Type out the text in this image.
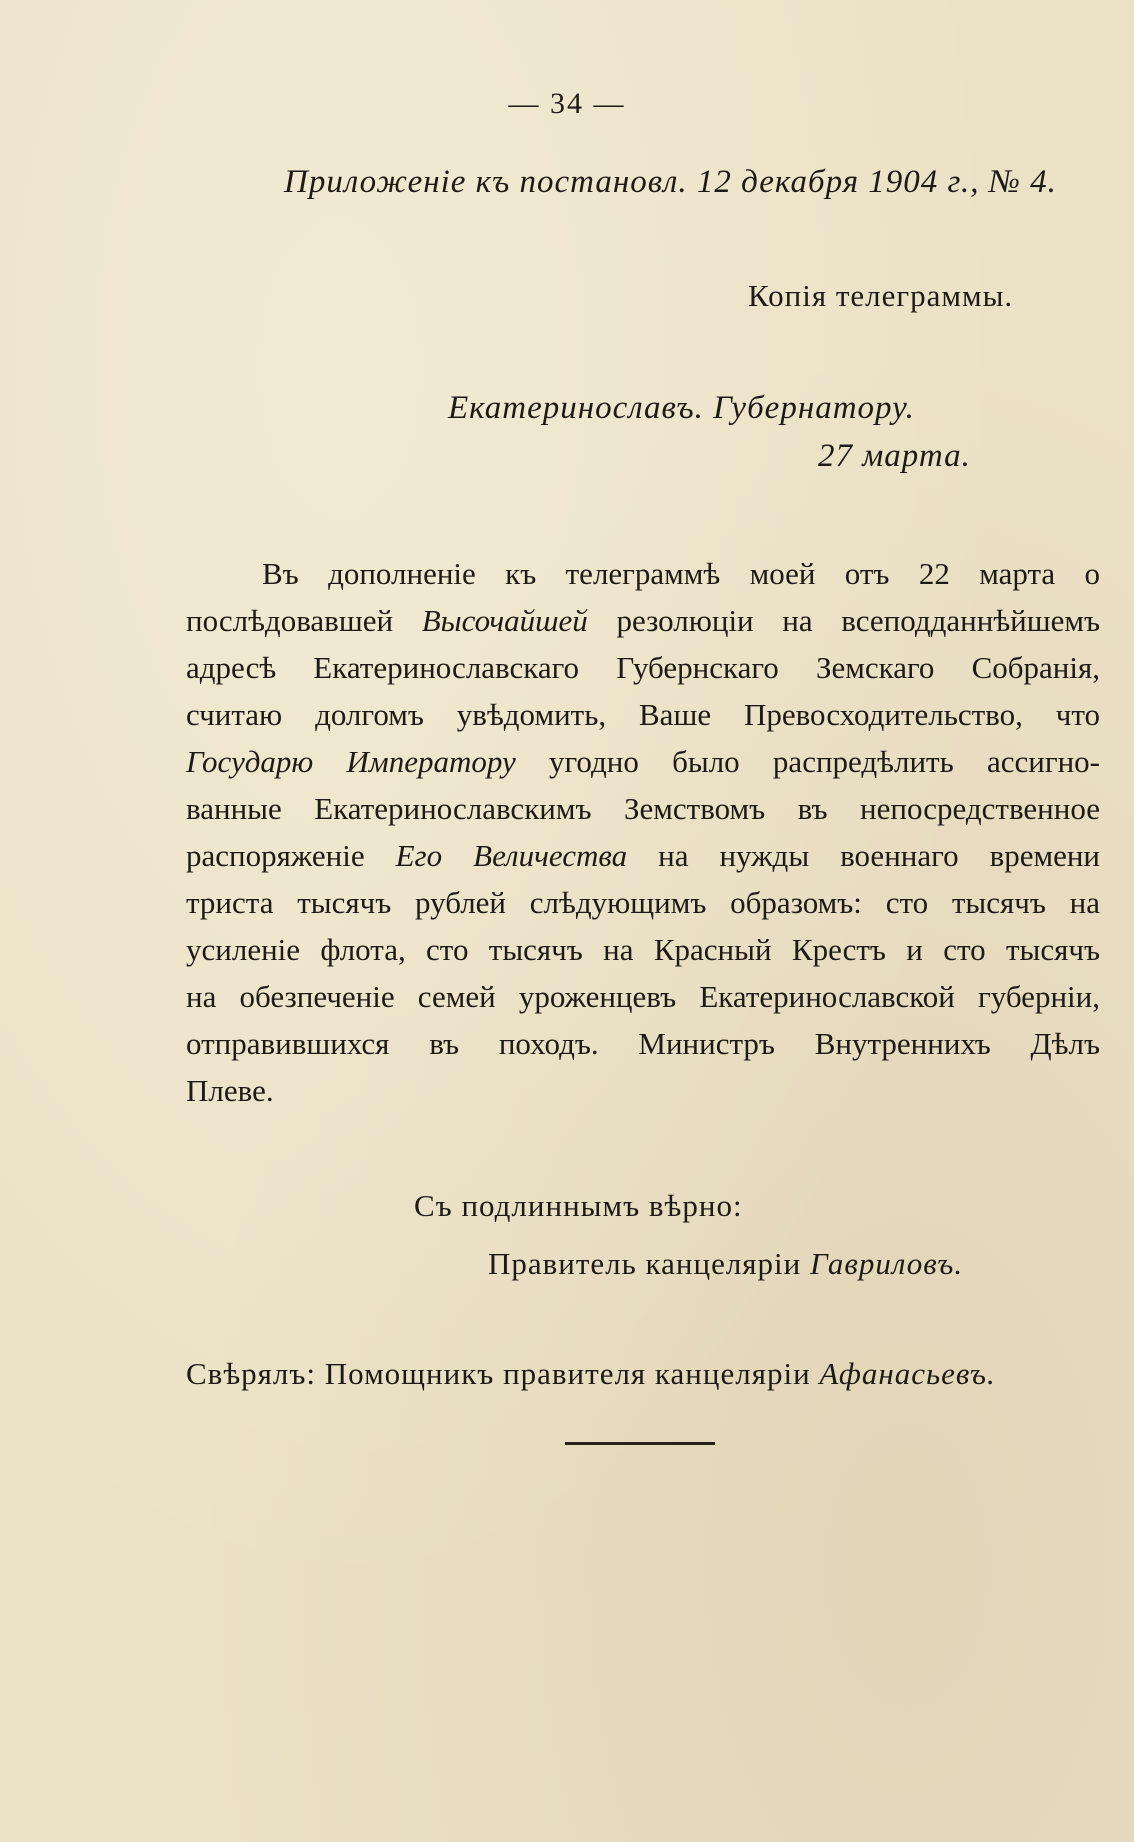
— 34 —
Приложеніе къ постановл. 12 декабря 1904 г., № 4.
Копія телеграммы.
Екатеринославъ. Губернатору.
27 марта.
Въ дополненіе къ телеграммѣ моей отъ 22 марта о
послѣдовавшей Высочайшей резолюціи на всеподданнѣйшемъ
адресѣ Екатеринославскаго Губернскаго Земскаго Собранія,
считаю долгомъ увѣдомить, Ваше Превосходительство, что
Государю Императору угодно было распредѣлить ассигно-
ванные Екатеринославскимъ Земствомъ въ непосредственное
распоряженіе Его Величества на нужды военнаго времени
триста тысячъ рублей слѣдующимъ образомъ: сто тысячъ на
усиленіе флота, сто тысячъ на Красный Крестъ и сто тысячъ
на обезпеченіе семей уроженцевъ Екатеринославской губерніи,
отправившихся въ походъ. Министръ Внутреннихъ Дѣлъ
Плеве.
Съ подлиннымъ вѣрно:
Правитель канцеляріи Гавриловъ.
Свѣрялъ: Помощникъ правителя канцеляріи Афанасьевъ.
